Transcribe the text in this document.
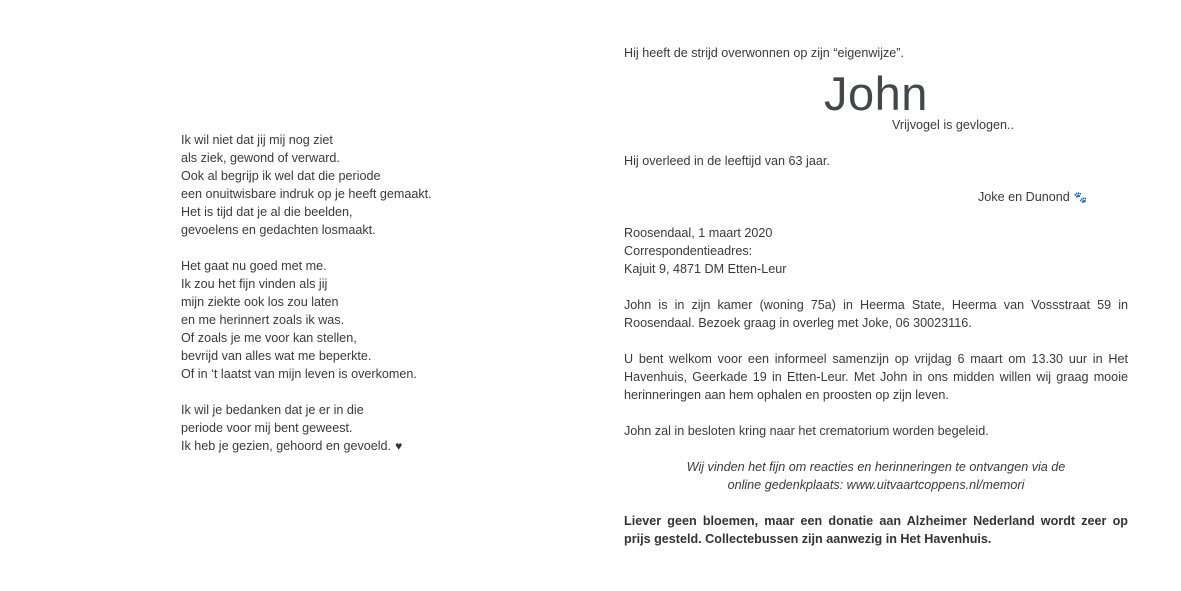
Ik wil niet dat jij mij nog ziet
als ziek, gewond of verward.
Ook al begrijp ik wel dat die periode
een onuitwisbare indruk op je heeft gemaakt.
Het is tijd dat je al die beelden,
gevoelens en gedachten losmaakt.
Het gaat nu goed met me.
Ik zou het fijn vinden als jij
mijn ziekte ook los zou laten
en me herinnert zoals ik was.
Of zoals je me voor kan stellen,
bevrijd van alles wat me beperkte.
Of in ‘t laatst van mijn leven is overkomen.
Ik wil je bedanken dat je er in die
periode voor mij bent geweest.
Ik heb je gezien, gehoord en gevoeld. ♥
Hij heeft de strijd overwonnen op zijn “eigenwijze”.
John
Vrijvogel is gevlogen..
Hij overleed in de leeftijd van 63 jaar.
Joke en Dunond 🐾
Roosendaal, 1 maart 2020
Correspondentieadres:
Kajuit 9, 4871 DM Etten-Leur
John is in zijn kamer (woning 75a) in Heerma State, Heerma van Vossstraat 59 in Roosendaal. Bezoek graag in overleg met Joke, 06 30023116.
U bent welkom voor een informeel samenzijn op vrijdag 6 maart om 13.30 uur in Het Havenhuis, Geerkade 19 in Etten-Leur. Met John in ons midden willen wij graag mooie herinneringen aan hem ophalen en proosten op zijn leven.
John zal in besloten kring naar het crematorium worden begeleid.
Wij vinden het fijn om reacties en herinneringen te ontvangen via de
online gedenkplaats: www.uitvaartcoppens.nl/memori
Liever geen bloemen, maar een donatie aan Alzheimer Nederland wordt zeer op prijs gesteld. Collectebussen zijn aanwezig in Het Havenhuis.
